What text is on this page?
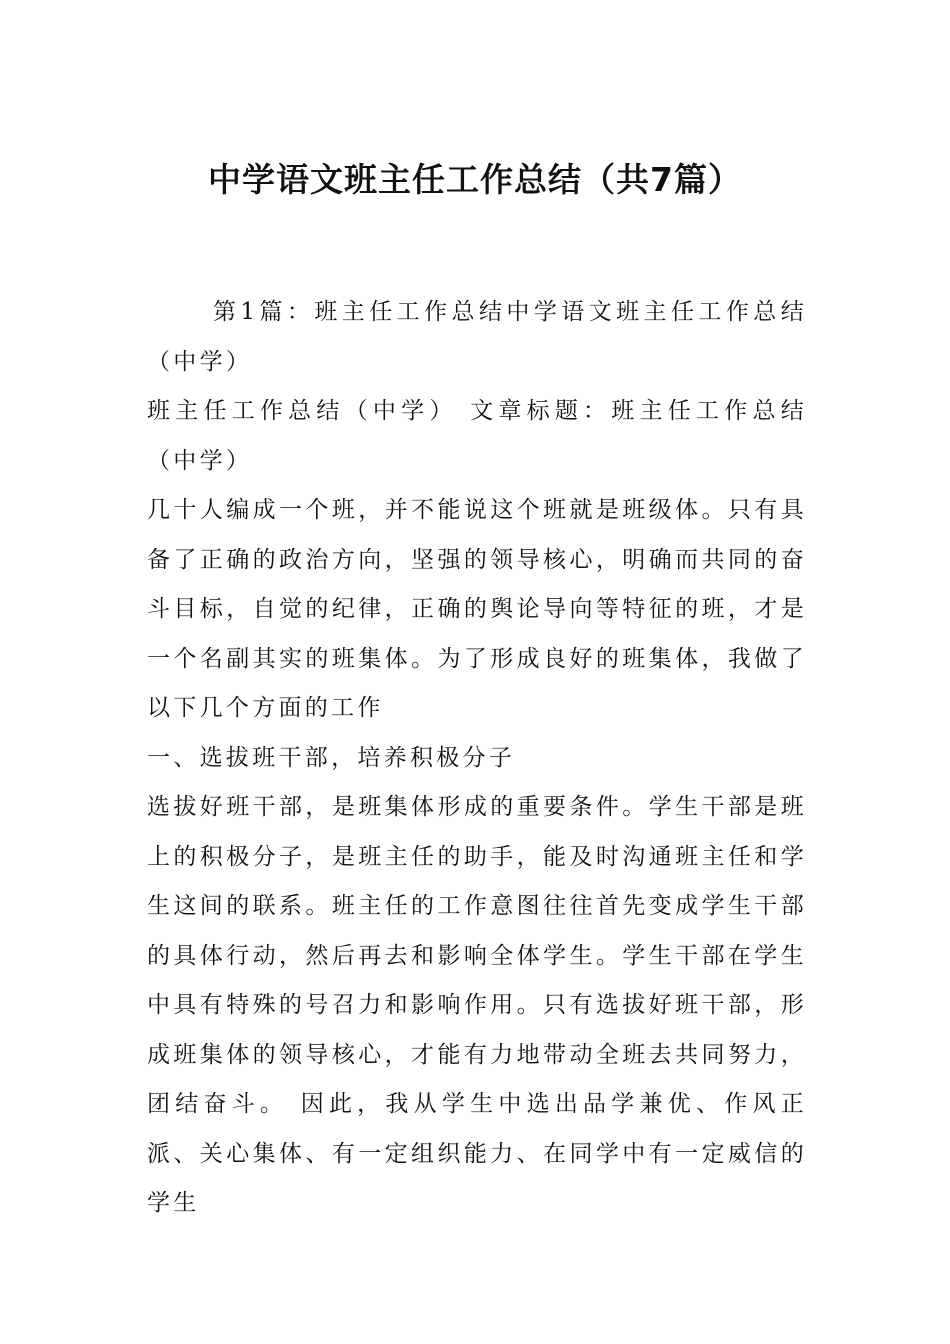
中学语文班主任工作总结（共7篇）

第1篇：班主任工作总结中学语文班主任工作总结（中学）

班主任工作总结（中学） 文章标题：班主任工作总结（中学）

几十人编成一个班，并不能说这个班就是班级体。只有具备了正确的政治方向，坚强的领导核心，明确而共同的奋斗目标，自觉的纪律，正确的舆论导向等特征的班，才是一个名副其实的班集体。为了形成良好的班集体，我做了以下几个方面的工作

一、选拔班干部，培养积极分子

选拔好班干部，是班集体形成的重要条件。学生干部是班上的积极分子，是班主任的助手，能及时沟通班主任和学生这间的联系。班主任的工作意图往往首先变成学生干部的具体行动，然后再去和影响全体学生。学生干部在学生中具有特殊的号召力和影响作用。只有选拔好班干部，形成班集体的领导核心，才能有力地带动全班去共同努力，团结奋斗。 因此，我从学生中选出品学兼优、作风正派、关心集体、有一定组织能力、在同学中有一定威信的学生
